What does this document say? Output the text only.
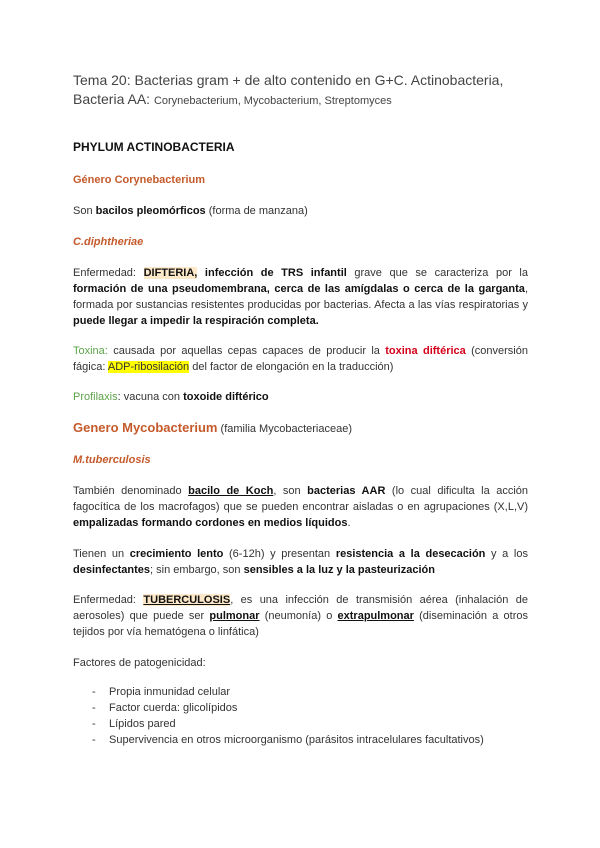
Tema 20: Bacterias gram + de alto contenido en G+C. Actinobacteria, Bacteria AA: Corynebacterium, Mycobacterium, Streptomyces
PHYLUM ACTINOBACTERIA
Género Corynebacterium
Son bacilos pleomórficos (forma de manzana)
C.diphtheriae
Enfermedad: DIFTERIA, infección de TRS infantil grave que se caracteriza por la formación de una pseudomembrana, cerca de las amígdalas o cerca de la garganta, formada por sustancias resistentes producidas por bacterias. Afecta a las vías respiratorias y puede llegar a impedir la respiración completa.
Toxina: causada por aquellas cepas capaces de producir la toxina diftérica (conversión fágica: ADP-ribosilación del factor de elongación en la traducción)
Profilaxis: vacuna con toxoide diftérico
Genero Mycobacterium (familia Mycobacteriaceae)
M.tuberculosis
También denominado bacilo de Koch, son bacterias AAR (lo cual dificulta la acción fagocítica de los macrofagos) que se pueden encontrar aisladas o en agrupaciones (X,L,V) empalizadas formando cordones en medios líquidos.
Tienen un crecimiento lento (6-12h) y presentan resistencia a la desecación y a los desinfectantes; sin embargo, son sensibles a la luz y la pasteurización
Enfermedad: TUBERCULOSIS, es una infección de transmisión aérea (inhalación de aerosoles) que puede ser pulmonar (neumonía) o extrapulmonar (diseminación a otros tejidos por vía hematógena o linfática)
Factores de patogenicidad:
- Propia inmunidad celular
- Factor cuerda: glicolípidos
- Lípidos pared
- Supervivencia en otros microorganismo (parásitos intracelulares facultativos)
